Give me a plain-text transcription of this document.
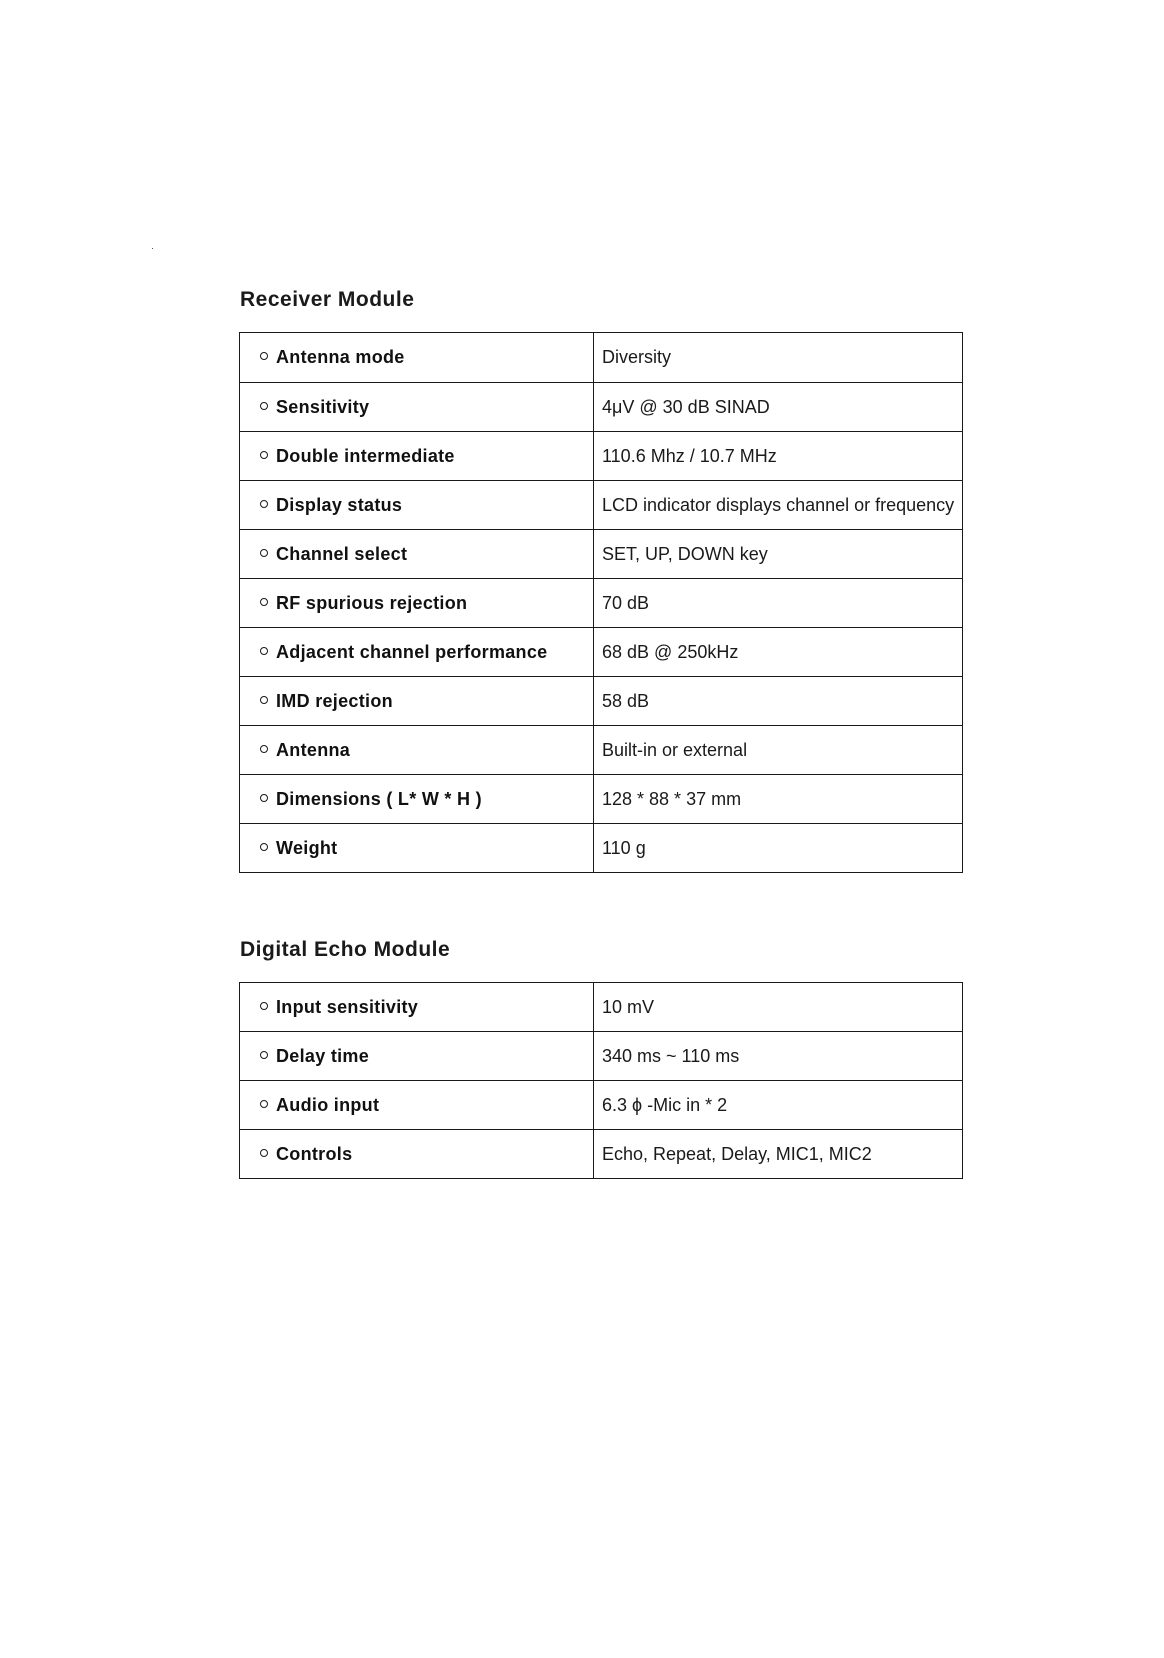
Receiver Module
Antenna mode	Diversity
Sensitivity	4μV @ 30 dB SINAD
Double intermediate	110.6 Mhz / 10.7 MHz
Display status	LCD indicator displays channel or frequency
Channel select	SET, UP, DOWN key
RF spurious rejection	70 dB
Adjacent channel performance	68 dB @ 250kHz
IMD rejection	58 dB
Antenna	Built-in or external
Dimensions ( L* W * H )	128 * 88 * 37 mm
Weight	110 g
Digital Echo Module
Input sensitivity	10 mV
Delay time	340 ms ~ 110 ms
Audio input	6.3 ϕ -Mic in * 2
Controls	Echo, Repeat, Delay, MIC1, MIC2
